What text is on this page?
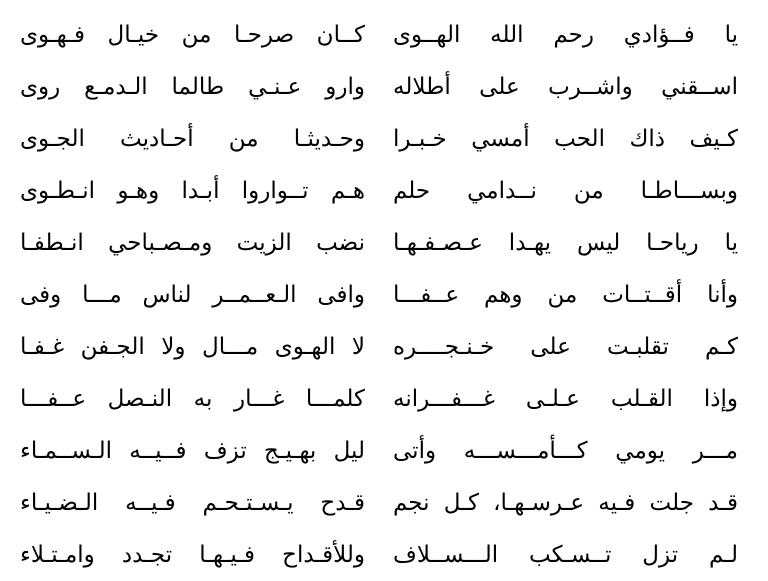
يا فــؤادي رحم الله الهــوى
كــان صرحـا من خيـال فـهـوى
اســقني واشــرب على أطلاله
وارو عـنـي طالما الـدمـع روى
كـيف ذاك الحب أمسي خـبـرا
وحـديثـا من أحـاديث الجـوى
وبســـاطـا من نــدامي حلم
هـم تــواروا أبـدا وهـو انـطـوى
يا رياحـا ليس يهـدا عـصـفـهـا
نضب الزيت ومـصـباحي انـطفـا
وأنا أقــتــات من وهم عــفـــا
وافى الـعــمــر لناس مـــا وفى
كـم تقلبـت على خـنـجــــره
لا الهـوى مـــال ولا الجـفن غـفـا
وإذا القـلب عـلـى غـــفـــرانه
كلمـــا غـــار به النـصل عــفـــا
مـــر يومي كـــأمـــســـه وأتى
ليل بهـيـج تزف فــيــه الـســمـاء
قـد جلت فـيه عـرسـهـا، كـل نجم
قـدح يـسـتـحـم فـيــه الـضـيـاء
لـم تزل تــسـكب الـــســلاف
وللأقـداح فـيـهـا تجـدد وامـتـلاء
